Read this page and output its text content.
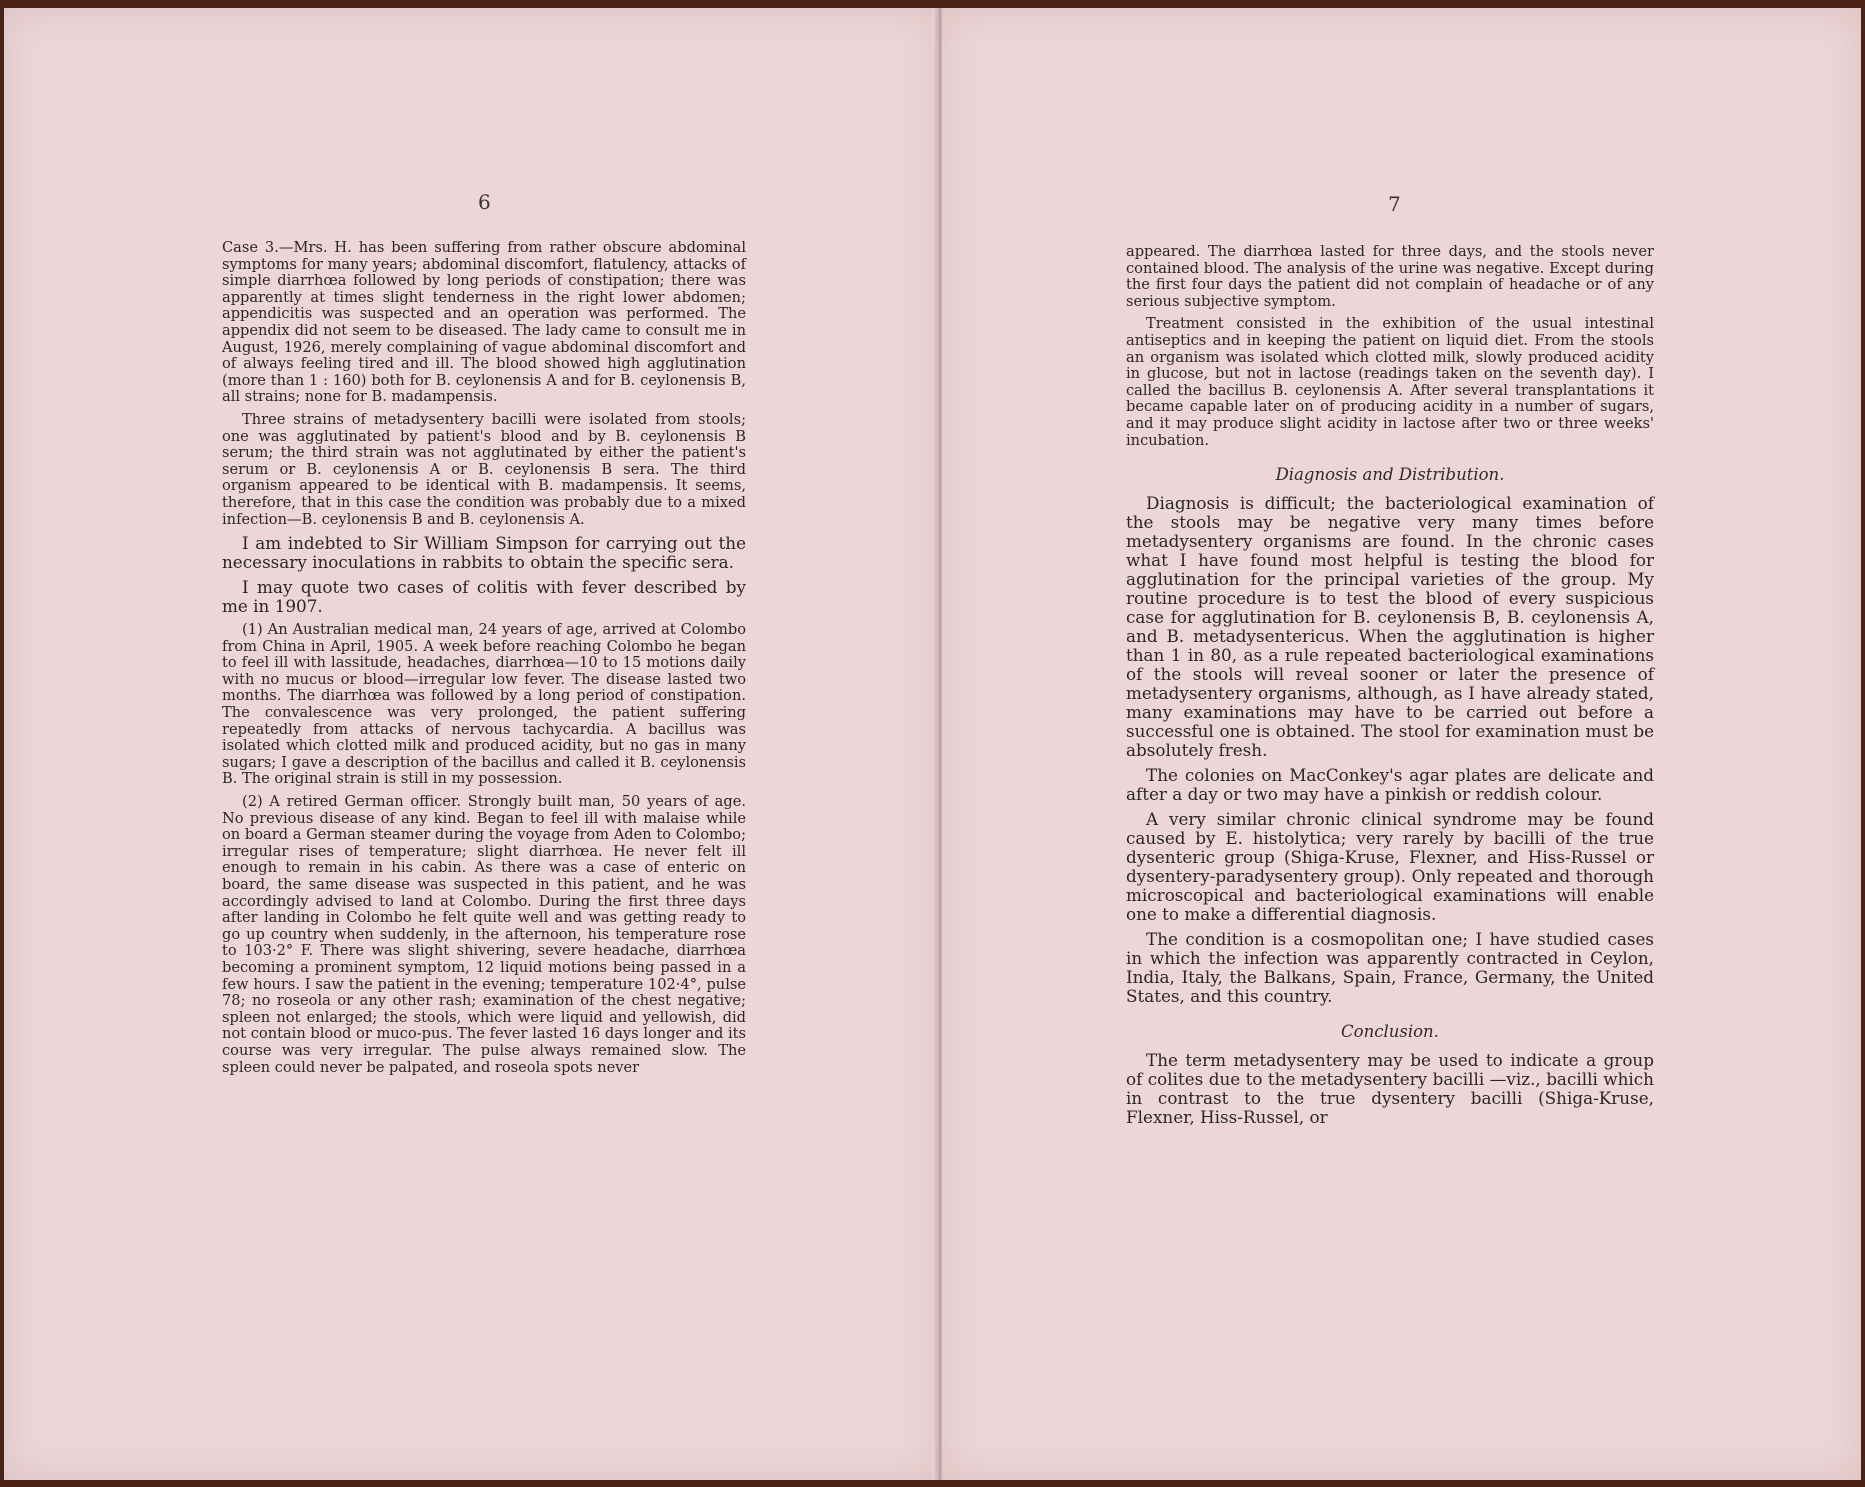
6

Case 3.—Mrs. H. has been suffering from rather obscure abdominal symptoms for many years; abdominal discomfort, flatulency, attacks of simple diarrhœa followed by long periods of constipation; there was apparently at times slight tenderness in the right lower abdomen; appendicitis was suspected and an operation was performed. The appendix did not seem to be diseased. The lady came to consult me in August, 1926, merely complaining of vague abdominal discomfort and of always feeling tired and ill. The blood showed high agglutination (more than 1 : 160) both for B. ceylonensis A and for B. ceylonensis B, all strains; none for B. madampensis.

Three strains of metadysentery bacilli were isolated from stools; one was agglutinated by patient's blood and by B. ceylonensis B serum; the third strain was not agglutinated by either the patient's serum or B. ceylonensis A or B. ceylonensis B sera. The third organism appeared to be identical with B. madampensis. It seems, therefore, that in this case the condition was probably due to a mixed infection—B. ceylonensis B and B. ceylonensis A.

I am indebted to Sir William Simpson for carrying out the necessary inoculations in rabbits to obtain the specific sera.

I may quote two cases of colitis with fever described by me in 1907.

(1) An Australian medical man, 24 years of age, arrived at Colombo from China in April, 1905. A week before reaching Colombo he began to feel ill with lassitude, headaches, diarrhœa—10 to 15 motions daily with no mucus or blood—irregular low fever. The disease lasted two months. The diarrhœa was followed by a long period of constipation. The convalescence was very prolonged, the patient suffering repeatedly from attacks of nervous tachycardia. A bacillus was isolated which clotted milk and produced acidity, but no gas in many sugars; I gave a description of the bacillus and called it B. ceylonensis B. The original strain is still in my possession.

(2) A retired German officer. Strongly built man, 50 years of age. No previous disease of any kind. Began to feel ill with malaise while on board a German steamer during the voyage from Aden to Colombo; irregular rises of temperature; slight diarrhœa. He never felt ill enough to remain in his cabin. As there was a case of enteric on board, the same disease was suspected in this patient, and he was accordingly advised to land at Colombo. During the first three days after landing in Colombo he felt quite well and was getting ready to go up country when suddenly, in the afternoon, his temperature rose to 103·2° F. There was slight shivering, severe headache, diarrhœa becoming a prominent symptom, 12 liquid motions being passed in a few hours. I saw the patient in the evening; temperature 102·4°, pulse 78; no roseola or any other rash; examination of the chest negative; spleen not enlarged; the stools, which were liquid and yellowish, did not contain blood or muco-pus. The fever lasted 16 days longer and its course was very irregular. The pulse always remained slow. The spleen could never be palpated, and roseola spots never

7

appeared. The diarrhœa lasted for three days, and the stools never contained blood. The analysis of the urine was negative. Except during the first four days the patient did not complain of headache or of any serious subjective symptom.

Treatment consisted in the exhibition of the usual intestinal antiseptics and in keeping the patient on liquid diet. From the stools an organism was isolated which clotted milk, slowly produced acidity in glucose, but not in lactose (readings taken on the seventh day). I called the bacillus B. ceylonensis A. After several transplantations it became capable later on of producing acidity in a number of sugars, and it may produce slight acidity in lactose after two or three weeks' incubation.

Diagnosis and Distribution.

Diagnosis is difficult; the bacteriological examination of the stools may be negative very many times before metadysentery organisms are found. In the chronic cases what I have found most helpful is testing the blood for agglutination for the principal varieties of the group. My routine procedure is to test the blood of every suspicious case for agglutination for B. ceylonensis B, B. ceylonensis A, and B. metadysentericus. When the agglutination is higher than 1 in 80, as a rule repeated bacteriological examinations of the stools will reveal sooner or later the presence of metadysentery organisms, although, as I have already stated, many examinations may have to be carried out before a successful one is obtained. The stool for examination must be absolutely fresh.

The colonies on MacConkey's agar plates are delicate and after a day or two may have a pinkish or reddish colour.

A very similar chronic clinical syndrome may be found caused by E. histolytica; very rarely by bacilli of the true dysenteric group (Shiga-Kruse, Flexner, and Hiss-Russel or dysentery-paradysentery group). Only repeated and thorough microscopical and bacteriological examinations will enable one to make a differential diagnosis.

The condition is a cosmopolitan one; I have studied cases in which the infection was apparently contracted in Ceylon, India, Italy, the Balkans, Spain, France, Germany, the United States, and this country.

Conclusion.

The term metadysentery may be used to indicate a group of colites due to the metadysentery bacilli —viz., bacilli which in contrast to the true dysentery bacilli (Shiga-Kruse, Flexner, Hiss-Russel, or
